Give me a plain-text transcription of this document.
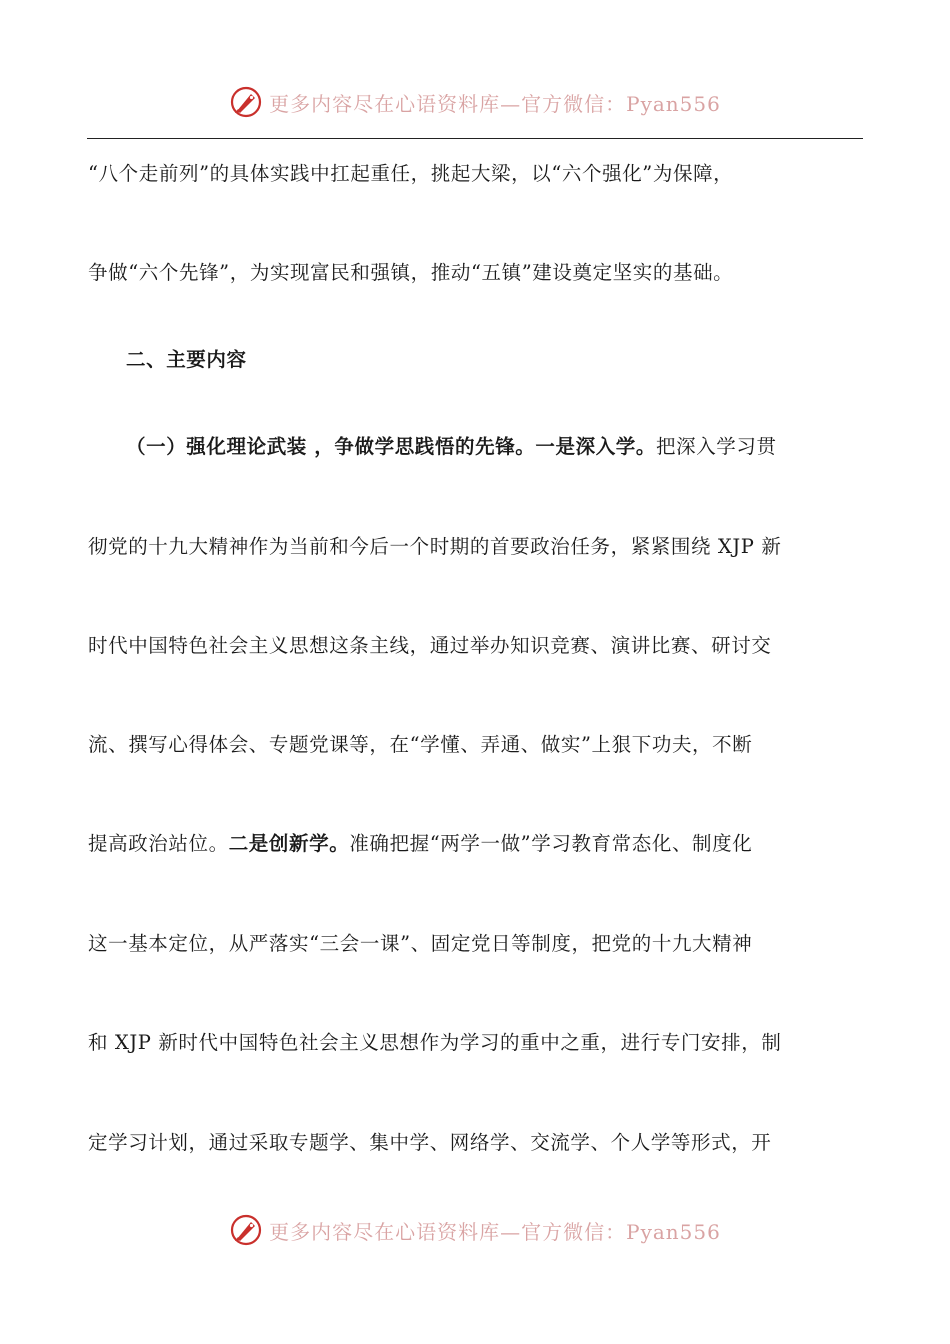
更多内容尽在心语资料库—官方微信：Pyan556
“八个走前列”的具体实践中扛起重任，挑起大梁，以“六个强化”为保障，
争做“六个先锋”，为实现富民和强镇，推动“五镇”建设奠定坚实的基础。
二、主要内容
（一）强化理论武装 ，争做学思践悟的先锋。一是深入学。把深入学习贯
彻党的十九大精神作为当前和今后一个时期的首要政治任务，紧紧围绕 XJP 新
时代中国特色社会主义思想这条主线，通过举办知识竞赛、演讲比赛、研讨交
流、撰写心得体会、专题党课等，在“学懂、弄通、做实”上狠下功夫，不断
提高政治站位。二是创新学。准确把握“两学一做”学习教育常态化、制度化
这一基本定位，从严落实“三会一课”、固定党日等制度，把党的十九大精神
和 XJP 新时代中国特色社会主义思想作为学习的重中之重，进行专门安排，制
定学习计划，通过采取专题学、集中学、网络学、交流学、个人学等形式，开
更多内容尽在心语资料库—官方微信：Pyan556
